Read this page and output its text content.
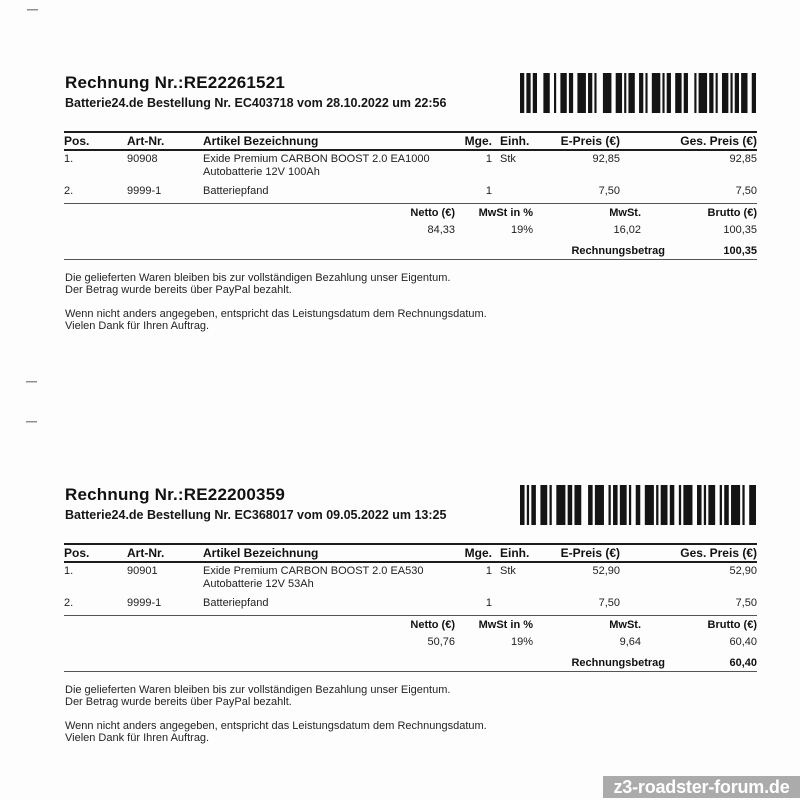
Rechnung Nr.:RE22261521
Batterie24.de Bestellung Nr. EC403718 vom 28.10.2022 um 22:56
Pos.	Art-Nr.	Artikel Bezeichnung	Mge.	Einh.	E-Preis (€)	Ges. Preis (€)
1.	90908	Exide Premium CARBON BOOST 2.0 EA1000
Autobatterie 12V 100Ah	1	Stk	92,85	92,85
2.	9999-1	Batteriepfand	1		7,50	7,50
Netto (€)	MwSt in %	MwSt.	Brutto (€)
84,33	19%	16,02	100,35
Rechnungsbetrag	100,35

Die gelieferten Waren bleiben bis zur vollständigen Bezahlung unser Eigentum.
Der Betrag wurde bereits über PayPal bezahlt.

Wenn nicht anders angegeben, entspricht das Leistungsdatum dem Rechnungsdatum.
Vielen Dank für Ihren Auftrag.

Rechnung Nr.:RE22200359
Batterie24.de Bestellung Nr. EC368017 vom 09.05.2022 um 13:25
Pos.	Art-Nr.	Artikel Bezeichnung	Mge.	Einh.	E-Preis (€)	Ges. Preis (€)
1.	90901	Exide Premium CARBON BOOST 2.0 EA530
Autobatterie 12V 53Ah	1	Stk	52,90	52,90
2.	9999-1	Batteriepfand	1		7,50	7,50
Netto (€)	MwSt in %	MwSt.	Brutto (€)
50,76	19%	9,64	60,40
Rechnungsbetrag	60,40

Die gelieferten Waren bleiben bis zur vollständigen Bezahlung unser Eigentum.
Der Betrag wurde bereits über PayPal bezahlt.

Wenn nicht anders angegeben, entspricht das Leistungsdatum dem Rechnungsdatum.
Vielen Dank für Ihren Auftrag.

z3-roadster-forum.de
